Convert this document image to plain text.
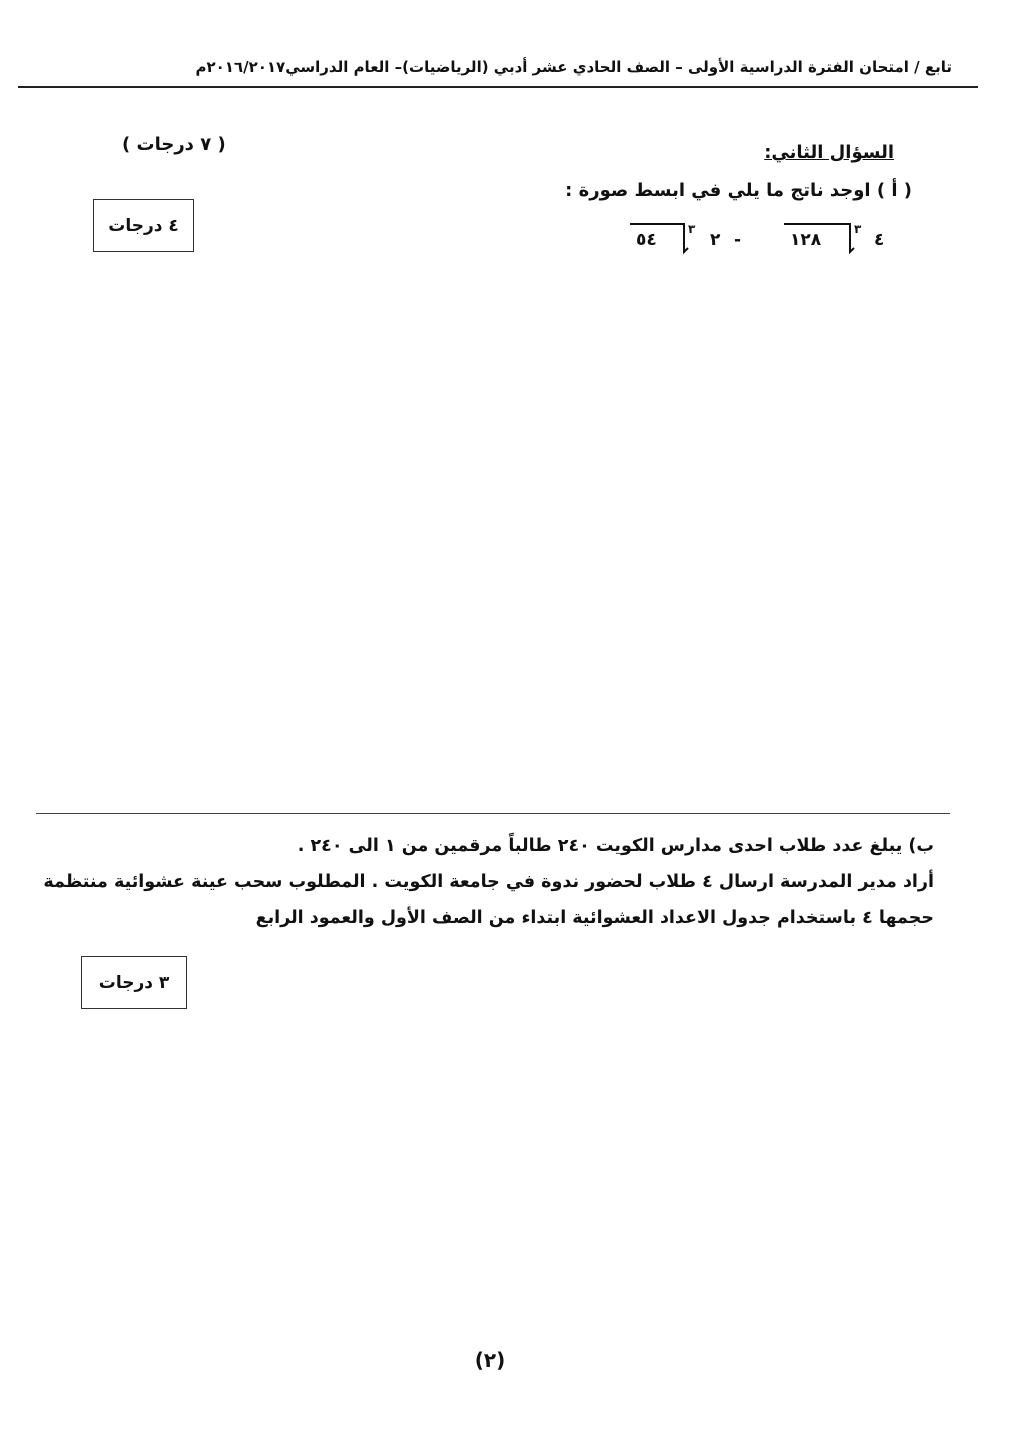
تابع / امتحان الفترة الدراسية الأولى – الصف الحادي عشر أدبي (الرياضيات)– العام الدراسي٢٠١٦/٢٠١٧م
السؤال الثاني:
( ٧ درجات )
( أ ) اوجد ناتج ما يلي في ابسط صورة :
٥٤
٣
٢ -	١٢٨
٣
٤
٤ درجات
ب) يبلغ عدد طلاب احدى مدارس الكويت ٢٤٠ طالباً مرقمين من ١ الى ٢٤٠ .
أراد مدير المدرسة ارسال ٤ طلاب لحضور ندوة في جامعة الكويت . المطلوب سحب عينة عشوائية منتظمة
حجمها ٤ باستخدام جدول الاعداد العشوائية ابتداء من الصف الأول والعمود الرابع
٣ درجات
(٢)
